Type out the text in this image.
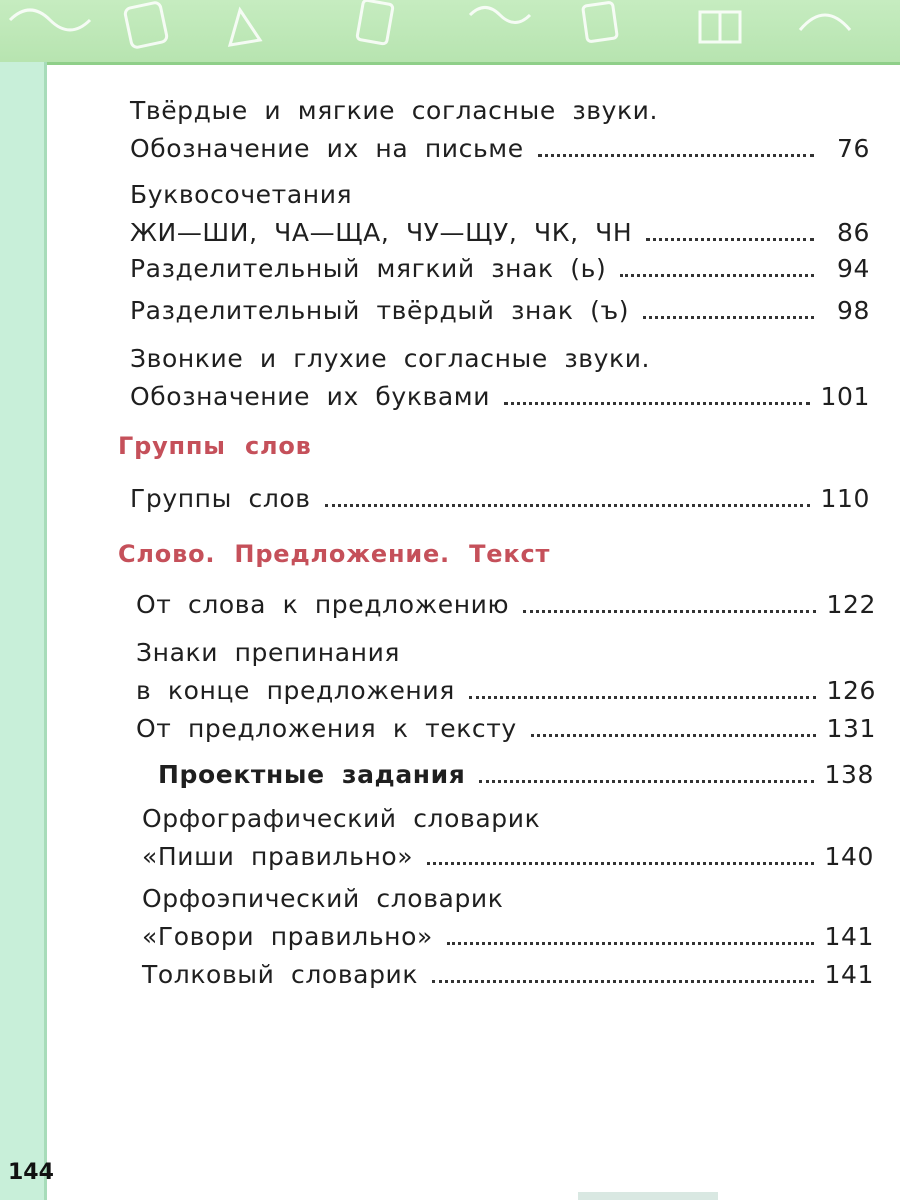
Твёрдые и мягкие согласные звуки.
Обозначение их на письме	76
Буквосочетания
ЖИ—ШИ, ЧА—ЩА, ЧУ—ЩУ, ЧК, ЧН	86
Разделительный мягкий знак (ь)	94
Разделительный твёрдый знак (ъ)	98
Звонкие и глухие согласные звуки.
Обозначение их буквами	101
Группы слов
Группы слов	110
Слово. Предложение. Текст
От слова к предложению	122
Знаки препинания
в конце предложения	126
От предложения к тексту	131
Проектные задания	138
Орфографический словарик
«Пиши правильно»	140
Орфоэпический словарик
«Говори правильно»	141
Толковый словарик	141
144
